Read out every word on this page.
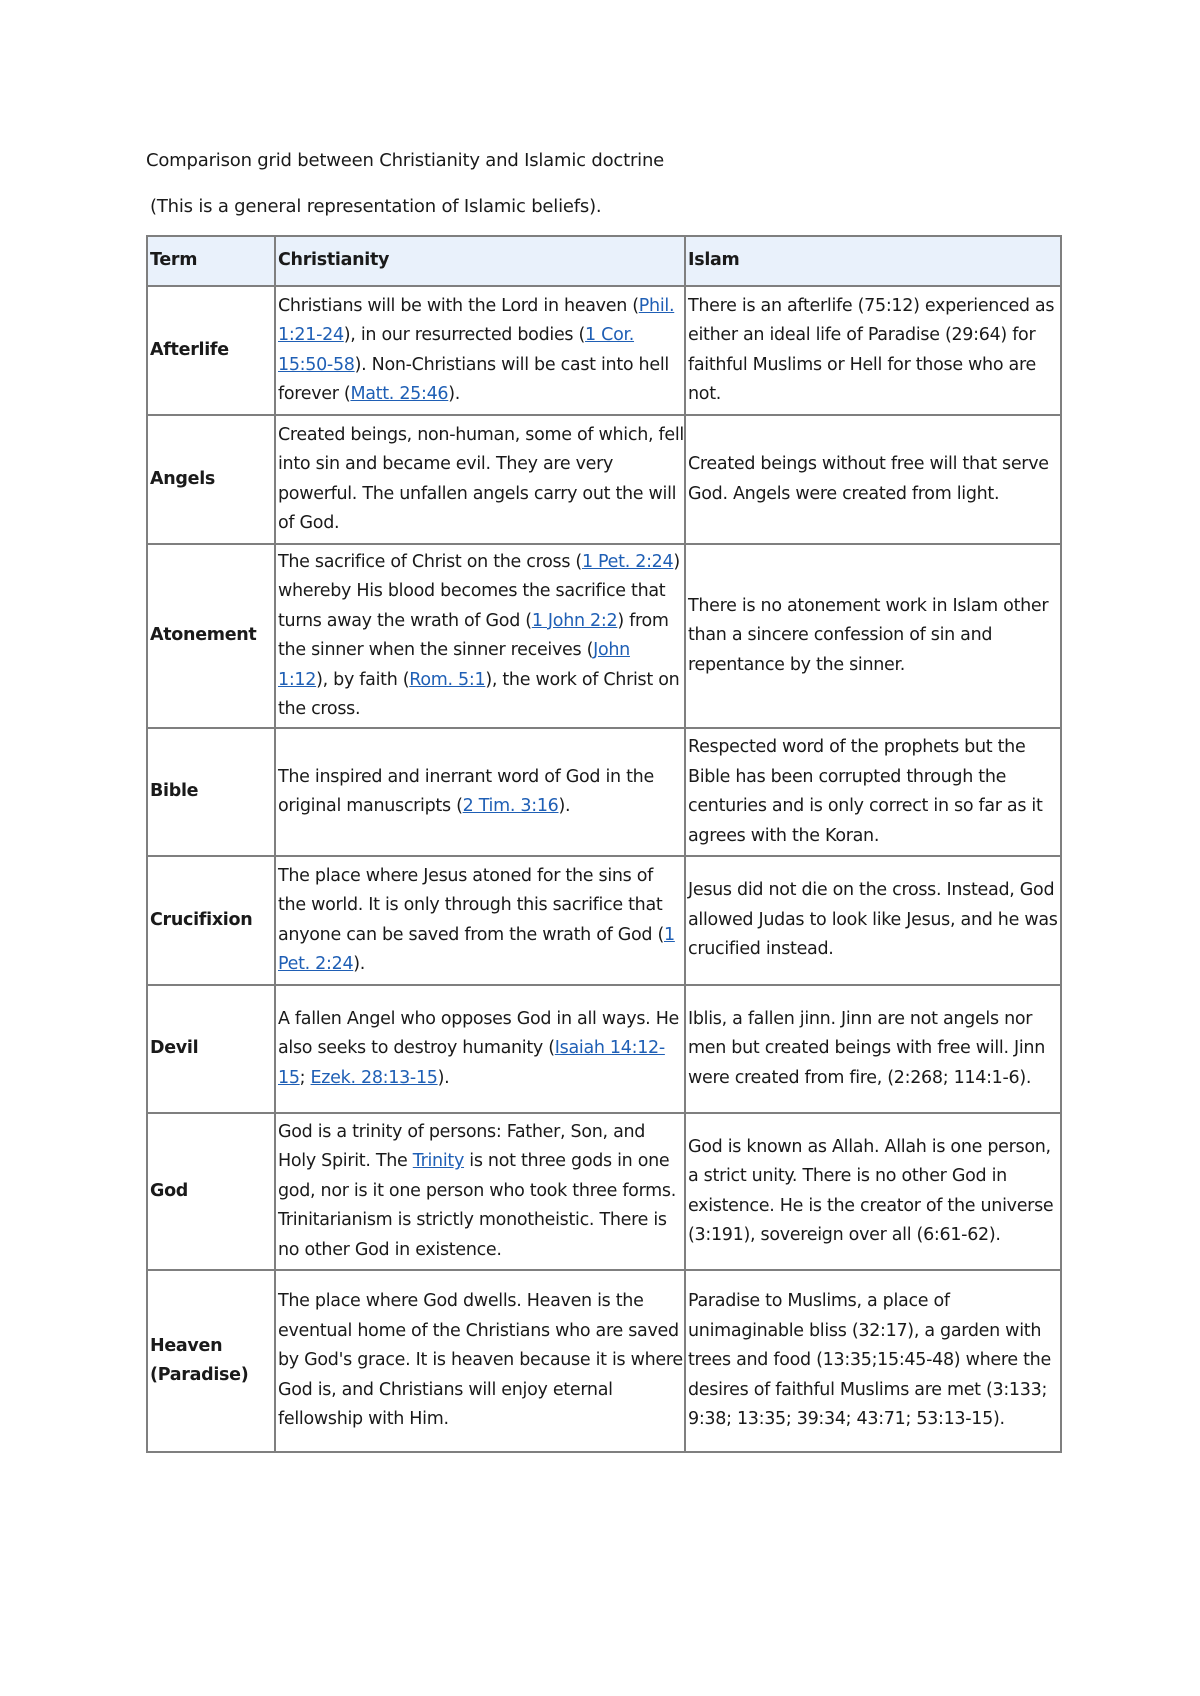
Comparison grid between Christianity and Islamic doctrine
(This is a general representation of Islamic beliefs).
Term	Christianity	Islam
Afterlife	Christians will be with the Lord in heaven (Phil. 1:21-24), in our resurrected bodies (1 Cor. 15:50-58). Non-Christians will be cast into hell forever (Matt. 25:46).	There is an afterlife (75:12) experienced as either an ideal life of Paradise (29:64) for faithful Muslims or Hell for those who are not.
Angels	Created beings, non-human, some of which, fell into sin and became evil. They are very powerful. The unfallen angels carry out the will of God.	Created beings without free will that serve God. Angels were created from light.
Atonement	The sacrifice of Christ on the cross (1 Pet. 2:24) whereby His blood becomes the sacrifice that turns away the wrath of God (1 John 2:2) from the sinner when the sinner receives (John 1:12), by faith (Rom. 5:1), the work of Christ on the cross.	There is no atonement work in Islam other than a sincere confession of sin and repentance by the sinner.
Bible	The inspired and inerrant word of God in the original manuscripts (2 Tim. 3:16).	Respected word of the prophets but the Bible has been corrupted through the centuries and is only correct in so far as it agrees with the Koran.
Crucifixion	The place where Jesus atoned for the sins of the world. It is only through this sacrifice that anyone can be saved from the wrath of God (1 Pet. 2:24).	Jesus did not die on the cross. Instead, God allowed Judas to look like Jesus, and he was crucified instead.
Devil	A fallen Angel who opposes God in all ways. He also seeks to destroy humanity (Isaiah 14:12-15; Ezek. 28:13-15).	Iblis, a fallen jinn. Jinn are not angels nor men but created beings with free will. Jinn were created from fire, (2:268; 114:1-6).
God	God is a trinity of persons: Father, Son, and Holy Spirit. The Trinity is not three gods in one god, nor is it one person who took three forms. Trinitarianism is strictly monotheistic. There is no other God in existence.	God is known as Allah. Allah is one person, a strict unity. There is no other God in existence. He is the creator of the universe (3:191), sovereign over all (6:61-62).
Heaven (Paradise)	The place where God dwells. Heaven is the eventual home of the Christians who are saved by God's grace. It is heaven because it is where God is, and Christians will enjoy eternal fellowship with Him.	Paradise to Muslims, a place of unimaginable bliss (32:17), a garden with trees and food (13:35;15:45-48) where the desires of faithful Muslims are met (3:133; 9:38; 13:35; 39:34; 43:71; 53:13-15).
